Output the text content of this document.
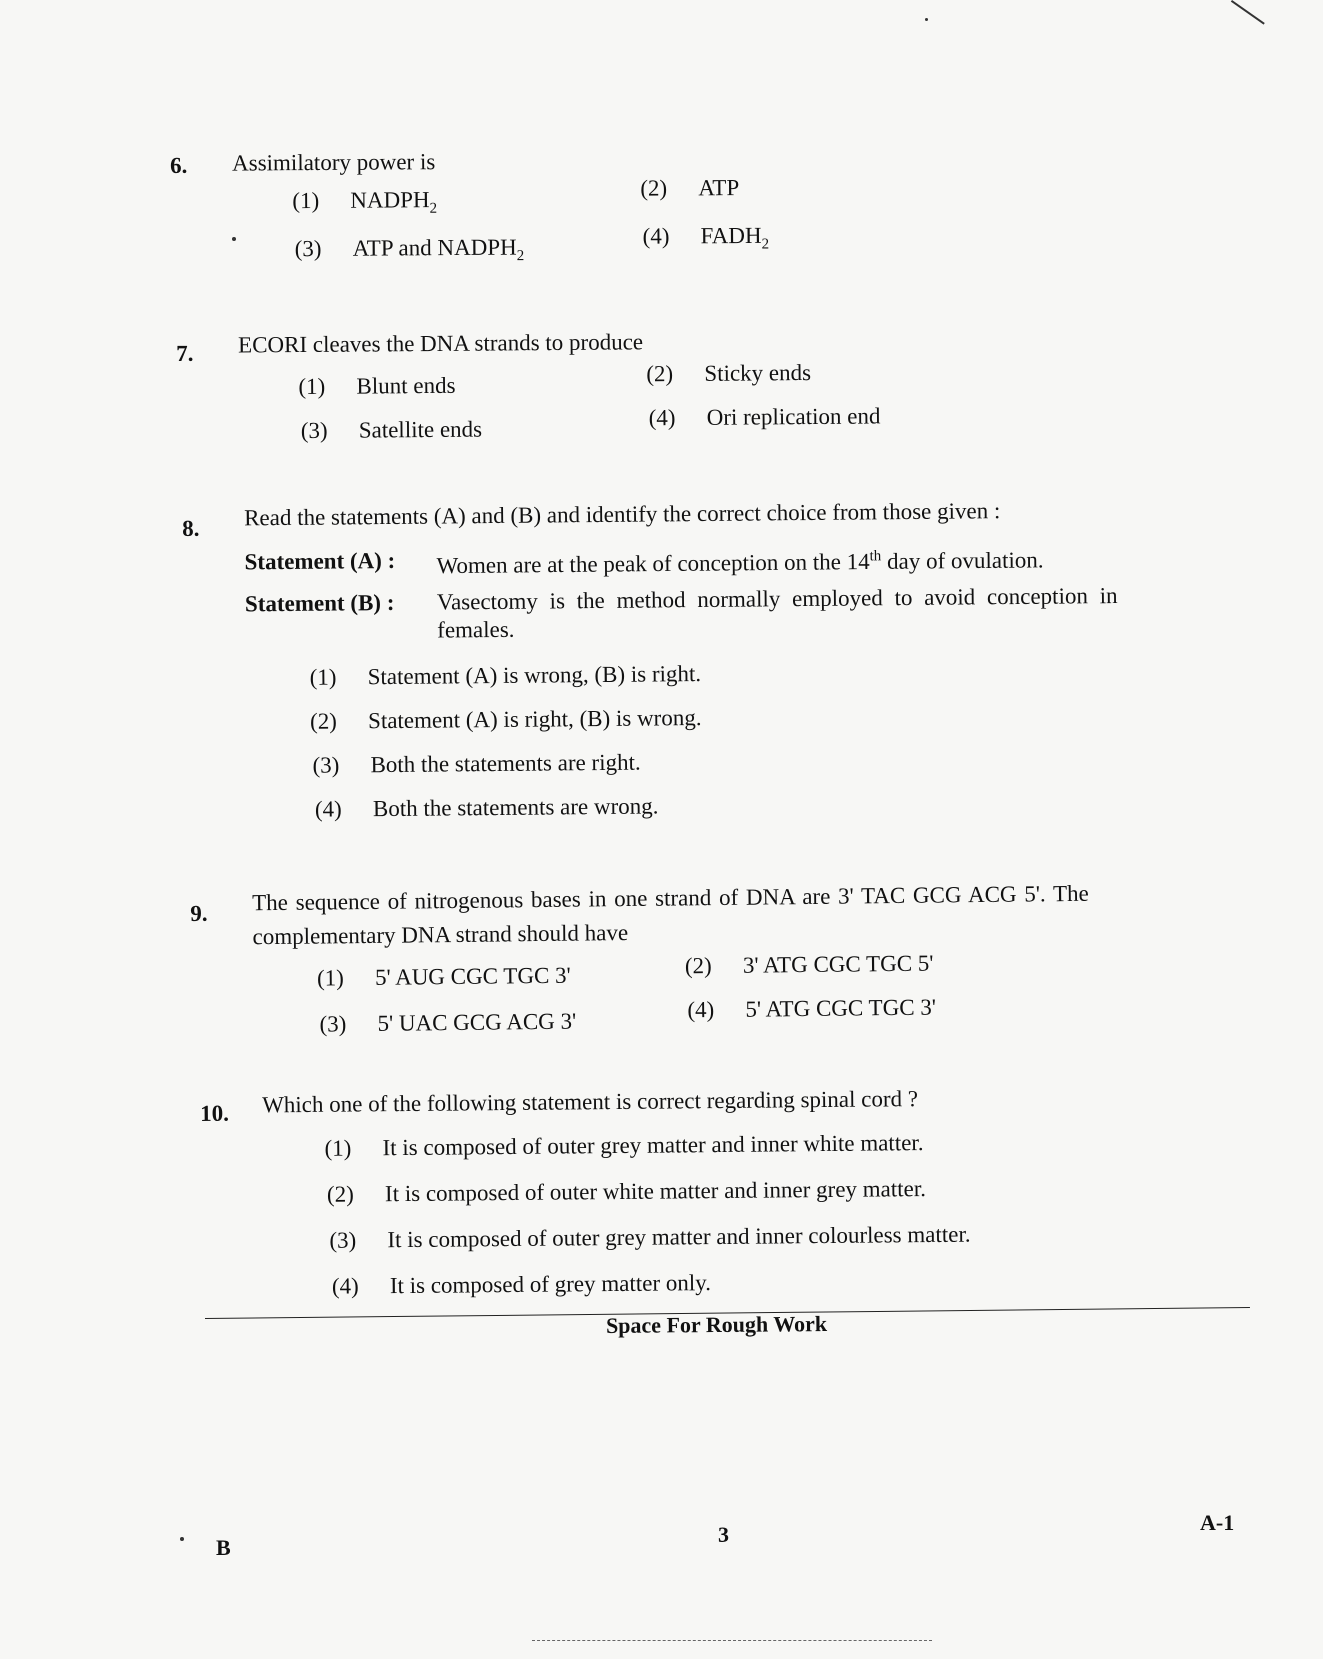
6. Assimilatory power is
(1) $NADPH_2$
(2) ATP
(3) ATP and $NADPH_2$
(4) $FADH_2$
7. ECORI cleaves the DNA strands to produce
(1) Blunt ends	(2) Sticky ends
(3) Satellite ends	(4) Ori replication end
8. Read the statements (A) and (B) and identify the correct choice from those given :
Statement (A) : Women are at the peak of conception on the 14th day of ovulation.
Statement (B) : Vasectomy is the method normally employed to avoid conception in
females.
(1) Statement (A) is wrong, (B) is right.
(2) Statement (A) is right, (B) is wrong.
(3) Both the statements are right.
(4) Both the statements are wrong.
9. The sequence of nitrogenous bases in one strand of DNA are 3' TAC GCG ACG 5'. The
complementary DNA strand should have
(1) 5' AUG CGC TGC 3'	(2) 3' ATG CGC TGC 5'
(3) 5' UAC GCG ACG 3'	(4) 5' ATG CGC TGC 3'
10. Which one of the following statement is correct regarding spinal cord ?
(1) It is composed of outer grey matter and inner white matter.
(2) It is composed of outer white matter and inner grey matter.
(3) It is composed of outer grey matter and inner colourless matter.
(4) It is composed of grey matter only.
Space For Rough Work
B
3	A-1
